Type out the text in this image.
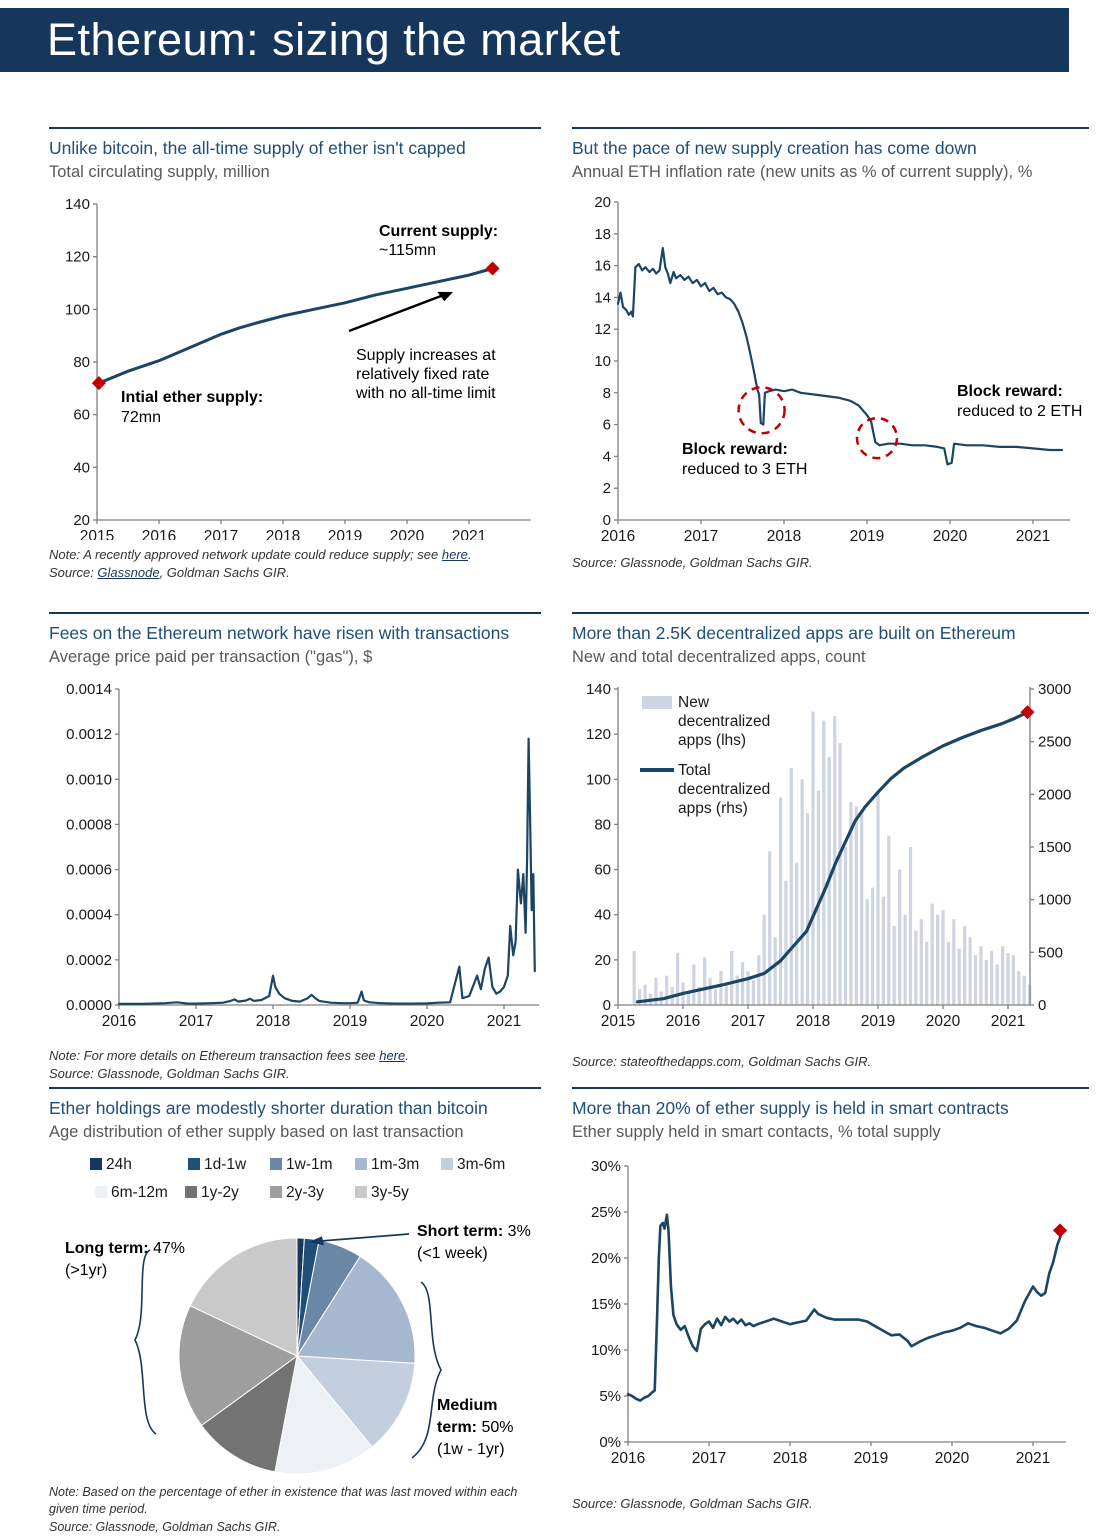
Ethereum: sizing the market
Unlike bitcoin, the all-time supply of ether isn't capped
Total circulating supply, million
20
40
60
80
100
120
140
2015 2016 2017 2018 2019 2020 2021
Current supply:
~115mn
Intial ether supply:
72mn
Supply increases at
relatively fixed rate
with no all-time limit

Note: A recently approved network update could reduce supply; see here.
Source: Glassnode, Goldman Sachs GIR.

But the pace of new supply creation has come down
Annual ETH inflation rate (new units as % of current supply), %
0
2
4
6
8
10
12
14
16
18
20
2016	2017	2018	2019	2020	2021
Block reward:
reduced to 3 ETH
Block reward:
reduced to 2 ETH

Source: Glassnode, Goldman Sachs GIR.

Fees on the Ethereum network have risen with transactions
Average price paid per transaction ("gas"), $
0.0000
0.0002
0.0004
0.0006
0.0008
0.0010
0.0012
0.0014
2016	2017	2018	2019	2020	2021

Note: For more details on Ethereum transaction fees see here.
Source: Glassnode, Goldman Sachs GIR.

More than 2.5K decentralized apps are built on Ethereum
New and total decentralized apps, count
0
20
40
60
80
100
120
140
2015 2016 2017 2018 2019 2020 2021
0
500
1000
1500
2000
2500
3000
New
decentralized
apps (lhs)
Total
decentralized
apps (rhs)

Source: stateofthedapps.com, Goldman Sachs GIR.

Ether holdings are modestly shorter duration than bitcoin
Age distribution of ether supply based on last transaction
24h	1d-1w	1w-1m 1m-3m 3m-6m
6m-12m 1y-2y	2y-3y	3y-5y
Short term: 3%
(<1 week)
Long term: 47%
(>1yr)
Medium
term: 50%
(1w - 1yr)

Note: Based on the percentage of ether in existence that was last moved within each given time period.
Source: Glassnode, Goldman Sachs GIR.

More than 20% of ether supply is held in smart contracts
Ether supply held in smart contacts, % total supply
0%
5%
10%
15%
20%
25%
30%
2016	2017	2018	2019	2020	2021

Source: Glassnode, Goldman Sachs GIR.
